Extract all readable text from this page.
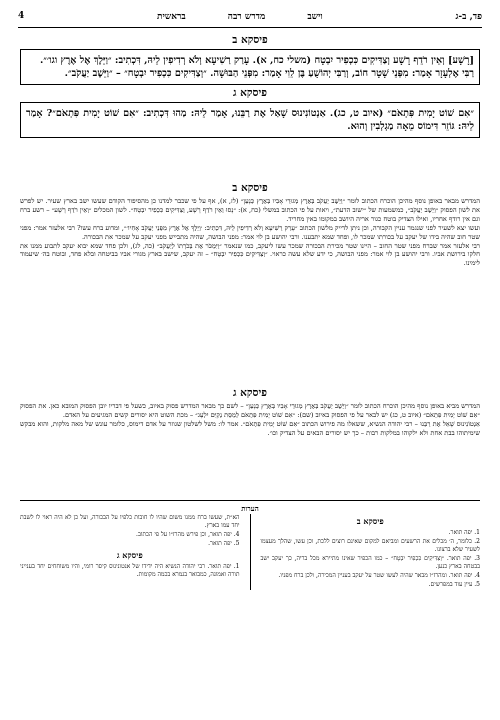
4	בראשית	מדרש רבה	וישב	פד, ב-ג
פיסקא ב

[רָשָׁע] וְאֵין רֹדֵף רָשָׁע וְצַדִּיקִים כִּכְפִיר יִבְטָח (משלי כח, א). עָרַק רַשִׁיעָא וְלֹא רְדִיפִין לֵיהּ, דִּכְתִיב: ״וַיֵּלֶךְ אֶל אֶרֶץ וגו׳״.

רַבִּי אֶלְעָזָר אָמַר: מִפְּנֵי שָׁטָר חוֹב, וְרַבִּי יְהוֹשֻׁעַ בֶּן לֵוִי אָמַר: מִפְּנֵי הַבּוּשָׁה. ״וְצַדִּיקִים כִּכְפִיר יִבְטָח״ – ״וַיֵּשֶׁב יַעֲקֹב״.

פיסקא ג

״אִם שׁוֹט יָמִית פִּתְאֹם״ (איוב ט, כג). אַנְטוֹנִינוּס שָׁאַל אֶת רַבֵּנוּ, אָמַר לֵיהּ: מַהוּ דִּכְתִיב: ״אִם שׁוֹט יָמִית פִּתְאֹם״? אָמַר לֵיהּ: גּוֹזֵר דִּימוֹס מֵאָה מַגְלְבִין וְהוּא.

פיסקא ב

המדרש מבאר באופן נוסף מהיכן הוכרח הכתוב לומר ״וַיֵּשֶׁב יַעֲקֹב בְּאֶרֶץ מְגוּרֵי אָבִיו בְּאֶרֶץ כְּנָעַן״ (לז, א), אף על פי שכבר למדנו כן מהסיפור הקודם שעשו ישב בארץ שעיר. יש לפרש את לשון הפסוק ״וַיֵּשֶׁב יַעֲקֹב״, כמשמעות של ״ישוב הדעת״, ויאות על פי הכתוב במשלי (כח, א): ״נָסוּ וְאֵין רֹדֵף רָשָׁע, וְצַדִּיקִים כִּכְפִיר יִבְטָח״. לשון המכלים ״וְאֵין רֹדֵף רָשָׁע״ – רשע ברח וגם אין רודף אחריו, ואילו הצדיק בוטח כגור אריה היושב במקומו באין מחריד.

ועשו יצא לשעיר לפני שנגמר עניין הקבורה, וכן ניתן לדייק מלשון הכתוב ״עָרַק רַשִׁיעָא וְלֹא רְדִיפִין לֵיהּ, דִּכְתִיב: ׳וַיֵּלֶךְ אֶל אֶרֶץ מִפְּנֵי יַעֲקֹב אָחִיו׳״, ומדוע ברח עשו? רבי אלעזר אמר: מפני שטר חוב שהיה בידו של יעקב על בכורתו שמכר לו, ופחד שמא יתבענו. ורבי יהושע בן לוי אמר: מפני הבושה, שהיה מתבייש מפני יעקב על שמכר את הבכורה.

רבי אלעזר אמר שברח מפני שטר החוב – היינו שטר מכירת הבכורה שמכר עשו ליעקב, כמו שנאמר ״וַיִּמְכֹּר אֶת בְּכֹרָתוֹ לְיַעֲקֹב״ (כה, לג), ולכן פחד שמא יבוא יעקב לתבוע ממנו את חלקו בירושת אביו. ורבי יהושע בן לוי אמר: מפני הבושה, כי ידע שלא עשה כראוי. ״וְצַדִּיקִים כִּכְפִיר יִבְטָח״ – זה יעקב, שישב בארץ מגורי אביו בביטחה ובלא פחד, ובוטח בה׳ שיעמוד לימינו.

פיסקא ג

המדרש מביא באופן נוסף מהיכן הוכרח הכתוב לומר ״וַיֵּשֶׁב יַעֲקֹב בְּאֶרֶץ מְגוּרֵי אָבִיו בְּאֶרֶץ כְּנָעַן״ – לשם כך מבאר המדרש פסוק באיוב, כשעל פי דבריו יובן הפסוק המובא כאן. את הפסוק ״אִם שׁוֹט יָמִית פִּתְאֹם״ (איוב ט, כג) יש לבאר על פי הפסוק באיוב (שם): ״אִם שׁוֹט יָמִית פִּתְאֹם לְמַסַּת נְקִיִּם יִלְעָג״ – מכת השוט היא יסורים קשים המגיעים על האדם.

אַנְטוֹנִינוּס שָׁאַל אֶת רַבֵּנוּ – רבי יהודה הנשיא, ששאלו מה פירוש הכתוב ״אִם שׁוֹט יָמִית פִּתְאֹם״. אמר לו: משל לשלטון שגוזר על אדם דימוס, כלומר עונש של מאה מלקות, והוא מבקש שימיתוהו בבת אחת ולא ילקוהו במלקות רבות – כך יש יסורים הבאים על הצדיק וכו׳.

הערות
פיסקא ב

1. יפה תואר.

2. כלומר, ה׳ מכלים את הרשעים ומביאם למקום שאינם רוצים ללכת, וכן עשו, שהלך מעצמו לשעיר שלא ברצונו.

3. יפה תואר. ״וְצַדִּיקִים כִּכְפִיר יִבְטָח״ – כמו הכפיר שאינו מתיירא מכל בריה, כך יעקב ישב בבטחה בארץ כנען.

4. יפה תואר. ומהרז״ו מבאר שהיה לעשו שטר על יעקב בעניין המכירה, ולכן ברח מפניו.

5. עיין עוד במפרשים.

הא״ת, שעשו ברח ממנו משום שהיו לו חובות כלפיו על הבכורה, ועל כן לא היה ראוי לו לשבת יחד עמו בארץ.

4. יפה תואר, וכן פירש מהרז״ו על פי הכתוב.

5. יפה תואר.

פיסקא ג

1. יפה תואר. רבי יהודה הנשיא היה ידידו של אנטונינוס קיסר רומי, והיו משוחחים יחד בענייני תורה ואמונה, כמבואר בגמרא בכמה מקומות.
